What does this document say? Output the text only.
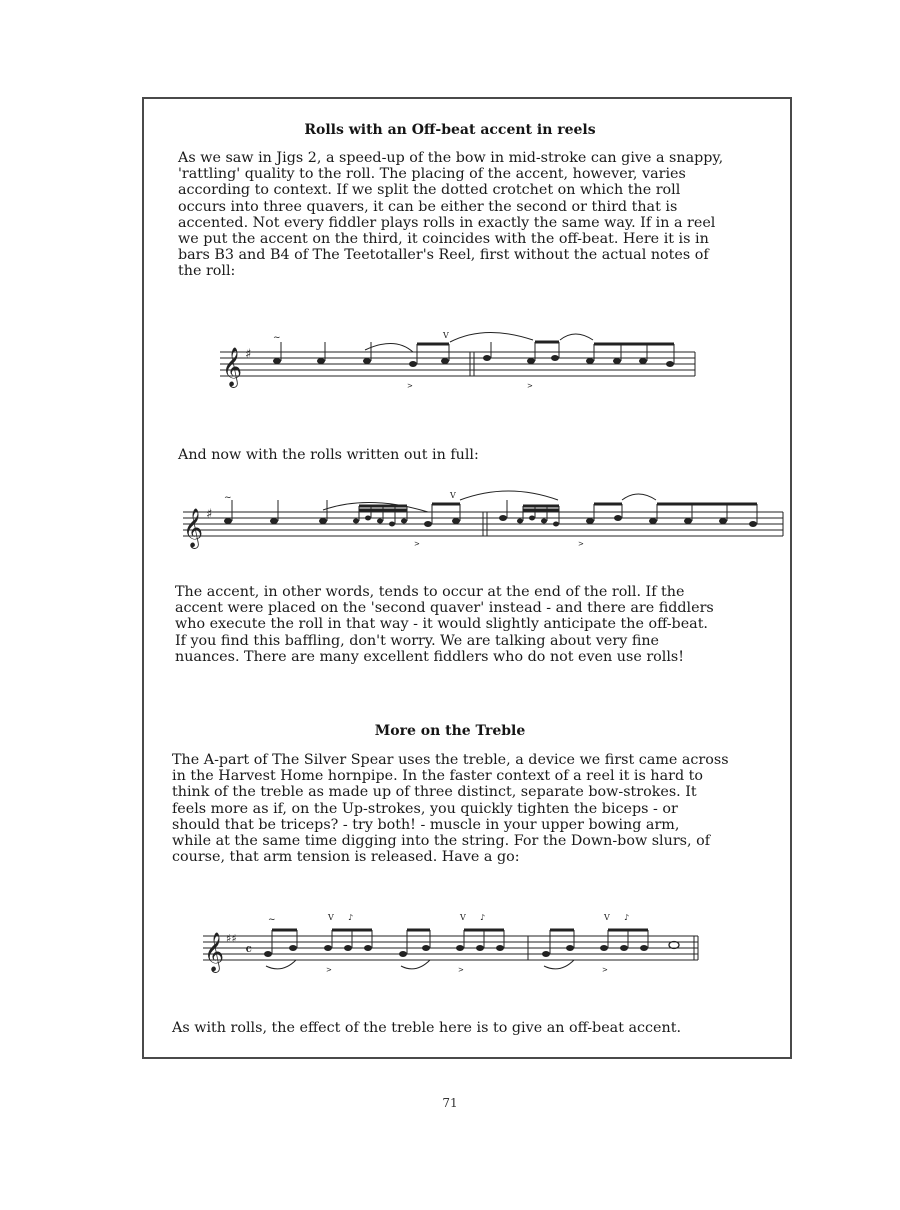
Rolls with an Off-beat accent in reels
As we saw in Jigs 2, a speed-up of the bow in mid-stroke can give a snappy,
'rattling' quality to the roll. The placing of the accent, however, varies
according to context. If we split the dotted crotchet on which the roll
occurs into three quavers, it can be either the second or third that is
accented. Not every fiddler plays rolls in exactly the same way. If in a reel
we put the accent on the third, it coincides with the off-beat. Here it is in
bars B3 and B4 of The Teetotaller's Reel, first without the actual notes of
the roll:
𝄞 ♯
~	V
>	>
And now with the rolls written out in full:
𝄞 ♯
~	V
>	>
The accent, in other words, tends to occur at the end of the roll. If the
accent were placed on the 'second quaver' instead - and there are fiddlers
who execute the roll in that way - it would slightly anticipate the off-beat.
If you find this baffling, don't worry. We are talking about very fine
nuances. There are many excellent fiddlers who do not even use rolls!
More on the Treble
The A-part of The Silver Spear uses the treble, a device we first came across
in the Harvest Home hornpipe. In the faster context of a reel it is hard to
think of the treble as made up of three distinct, separate bow-strokes. It
feels more as if, on the Up-strokes, you quickly tighten the biceps - or
should that be triceps? - try both! - muscle in your upper bowing arm,
while at the same time digging into the string. For the Down-bow slurs, of
course, that arm tension is released. Have a go:
𝄞 ♯♯
𝄴
~	V ♪	V ♪	V ♪
>	>	>
As with rolls, the effect of the treble here is to give an off-beat accent.
71
